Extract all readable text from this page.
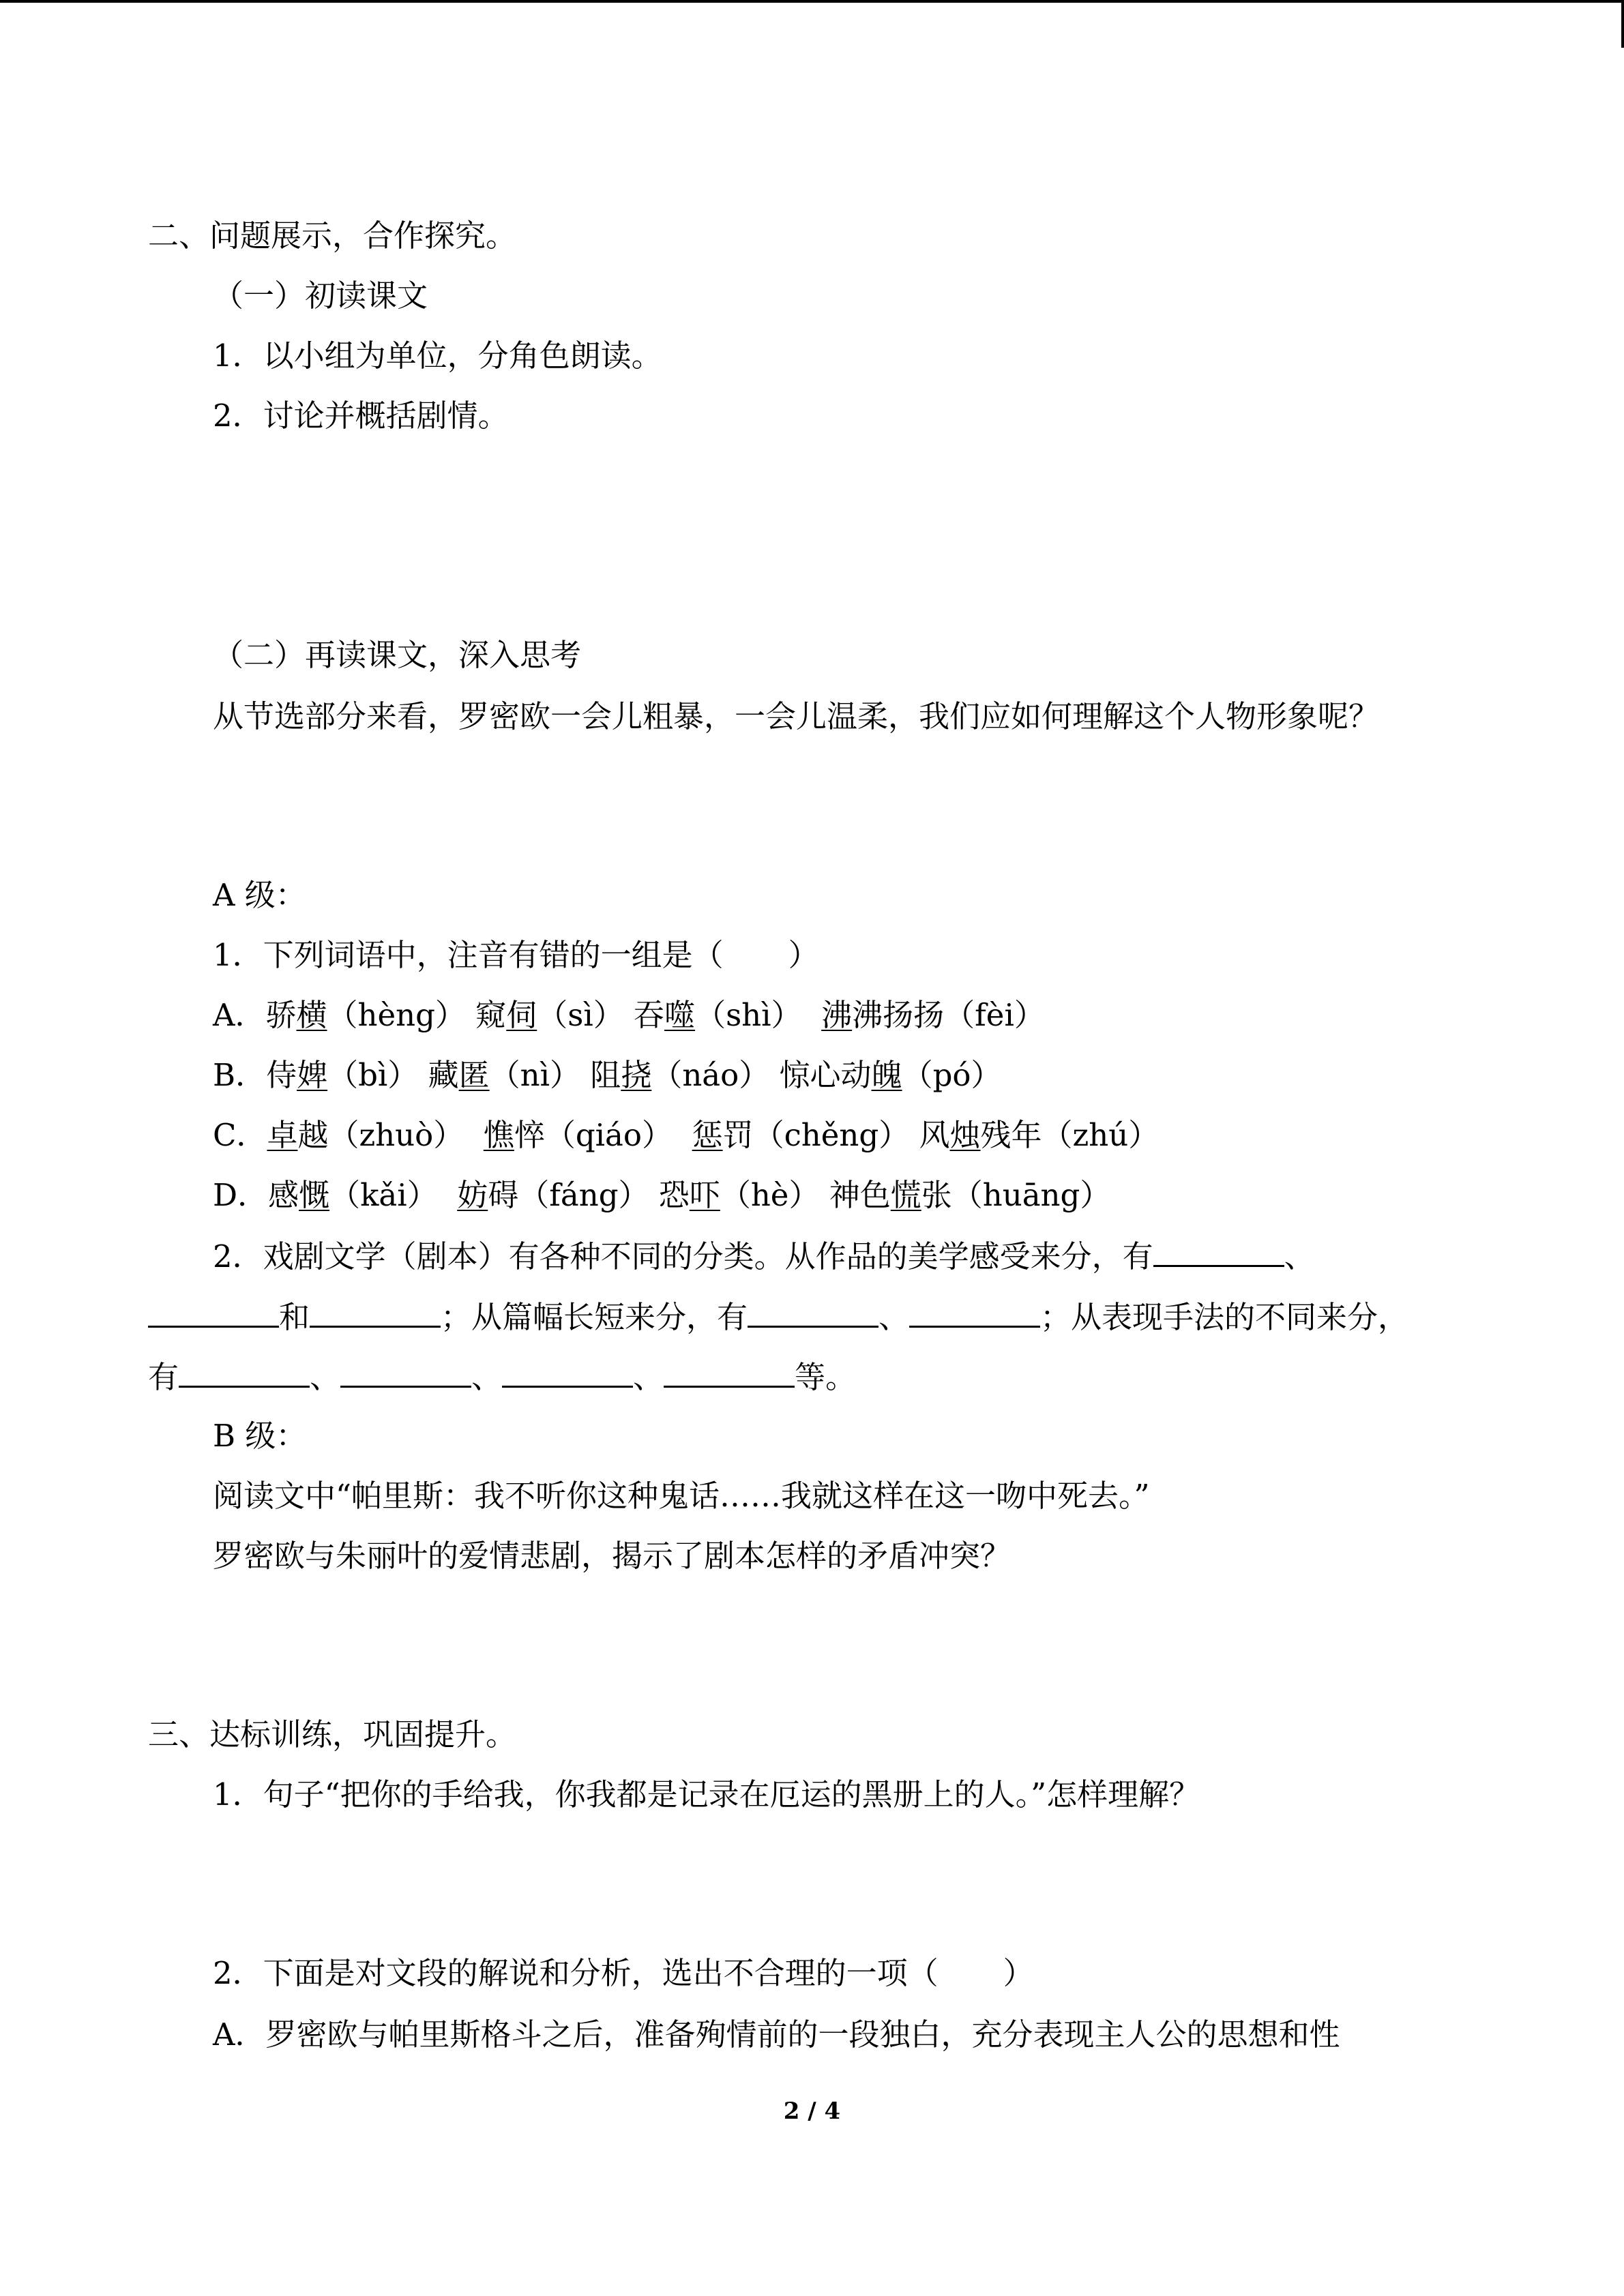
二、问题展示，合作探究。

（一）初读课文

1．以小组为单位，分角色朗读。

2．讨论并概括剧情。

（二）再读课文，深入思考

从节选部分来看，罗密欧一会儿粗暴，一会儿温柔，我们应如何理解这个人物形象呢？

A 级：

1．下列词语中，注音有错的一组是（ ）

A．骄横（hèng） 窥伺（sì） 吞噬（shì）  沸沸扬扬（fèi）

B．侍婢（bì） 藏匿（nì） 阻挠（náo） 惊心动魄（pó）

C．卓越（zhuò）  憔悴（qiáo）  惩罚（chěng） 风烛残年（zhú）

D．感慨（kǎi）  妨碍（fáng） 恐吓（hè） 神色慌张（huāng）

2．戏剧文学（剧本）有各种不同的分类。从作品的美学感受来分，有	、

和	；从篇幅长短来分，有	、	；从表现手法的不同来分，

有	、	、	、	等。

B 级：

阅读文中“帕里斯：我不听你这种鬼话……我就这样在这一吻中死去。”

罗密欧与朱丽叶的爱情悲剧，揭示了剧本怎样的矛盾冲突？

三、达标训练，巩固提升。

1．句子“把你的手给我，你我都是记录在厄运的黑册上的人。”怎样理解？

2．下面是对文段的解说和分析，选出不合理的一项（ ）

A．罗密欧与帕里斯格斗之后，准备殉情前的一段独白，充分表现主人公的思想和性

2 / 4
